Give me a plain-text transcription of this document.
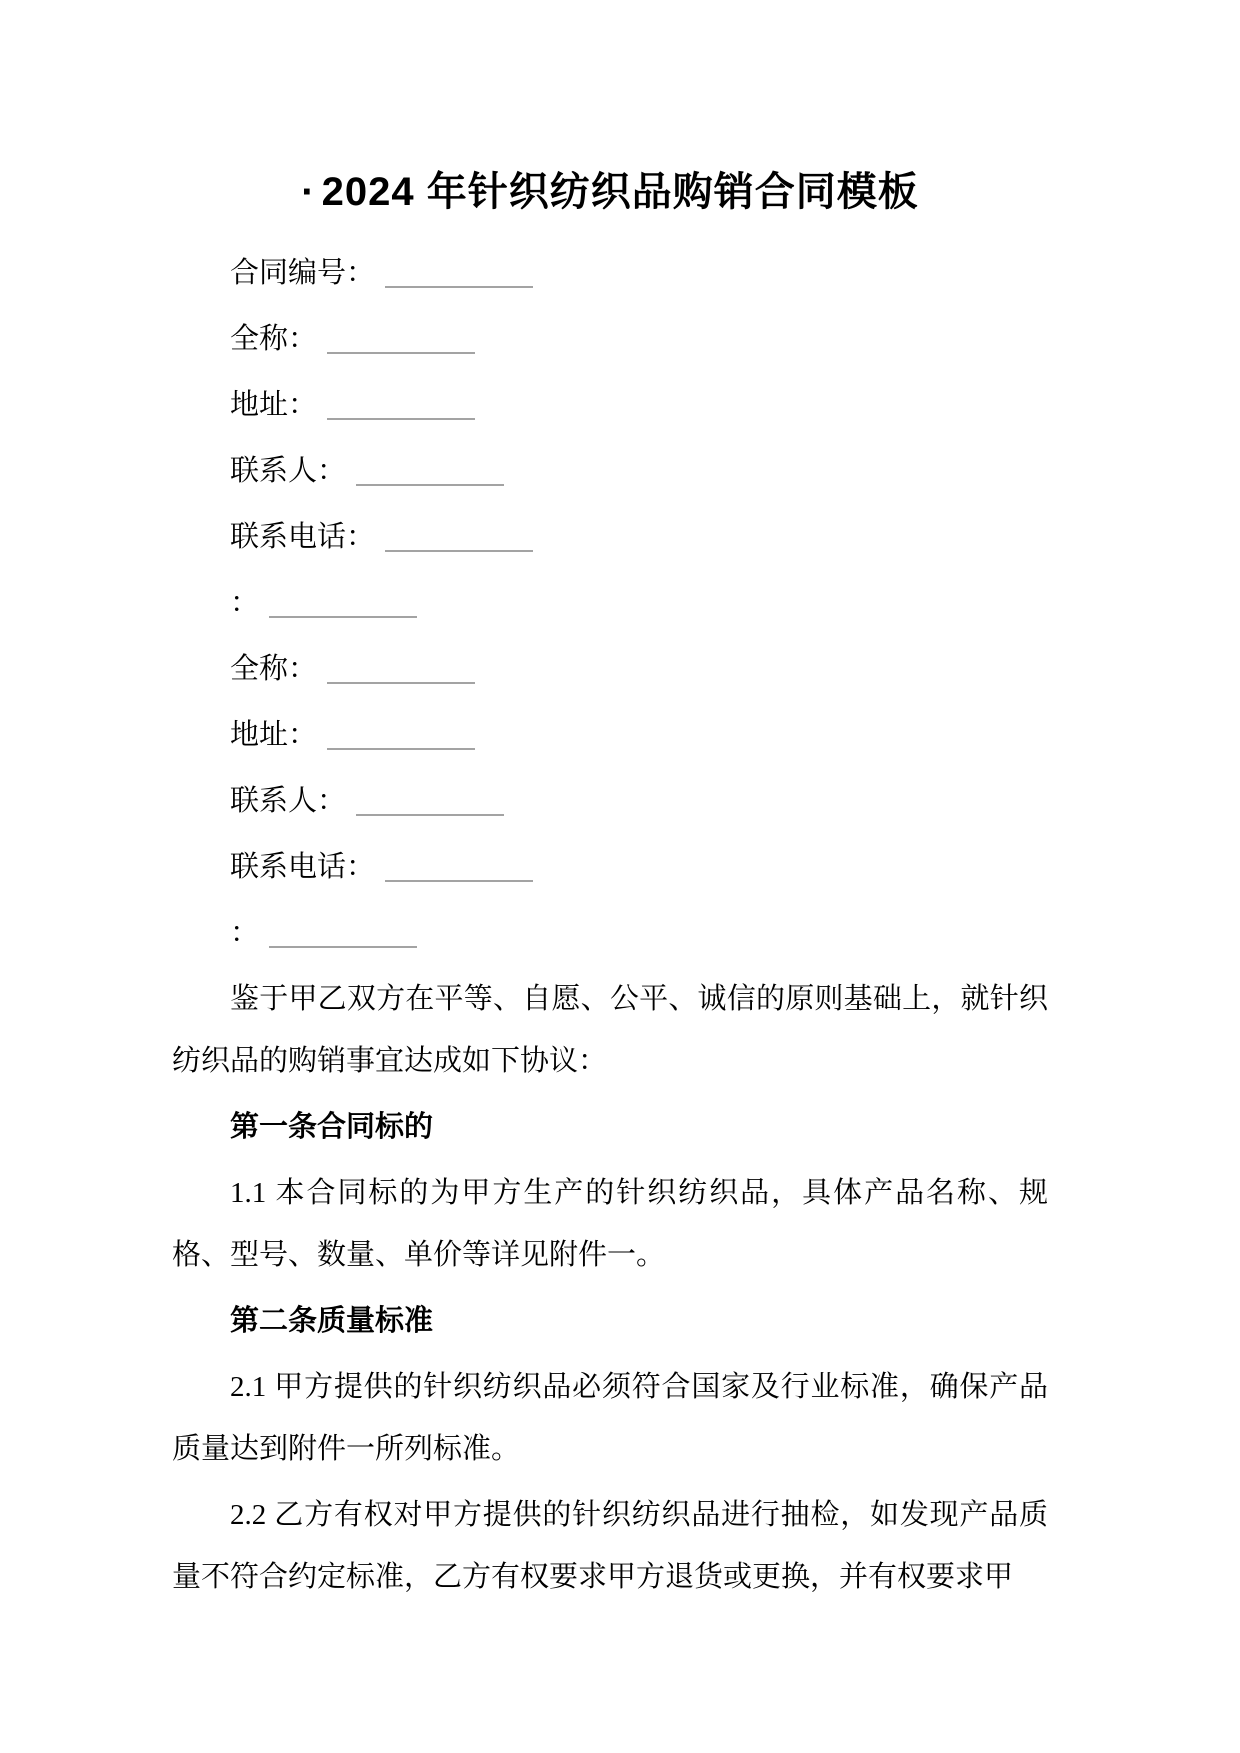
· 2024 年针织纺织品购销合同模板

合同编号：

全称：

地址：

联系人：

联系电话：

：

全称：

地址：

联系人：

联系电话：

：

鉴于甲乙双方在平等、自愿、公平、诚信的原则基础上，就针织纺织品的购销事宜达成如下协议：

第一条合同标的

1.1 本合同标的为甲方生产的针织纺织品，具体产品名称、规格、型号、数量、单价等详见附件一。

第二条质量标准

2.1 甲方提供的针织纺织品必须符合国家及行业标准，确保产品质量达到附件一所列标准。

2.2 乙方有权对甲方提供的针织纺织品进行抽检，如发现产品质量不符合约定标准，乙方有权要求甲方退货或更换，并有权要求甲
